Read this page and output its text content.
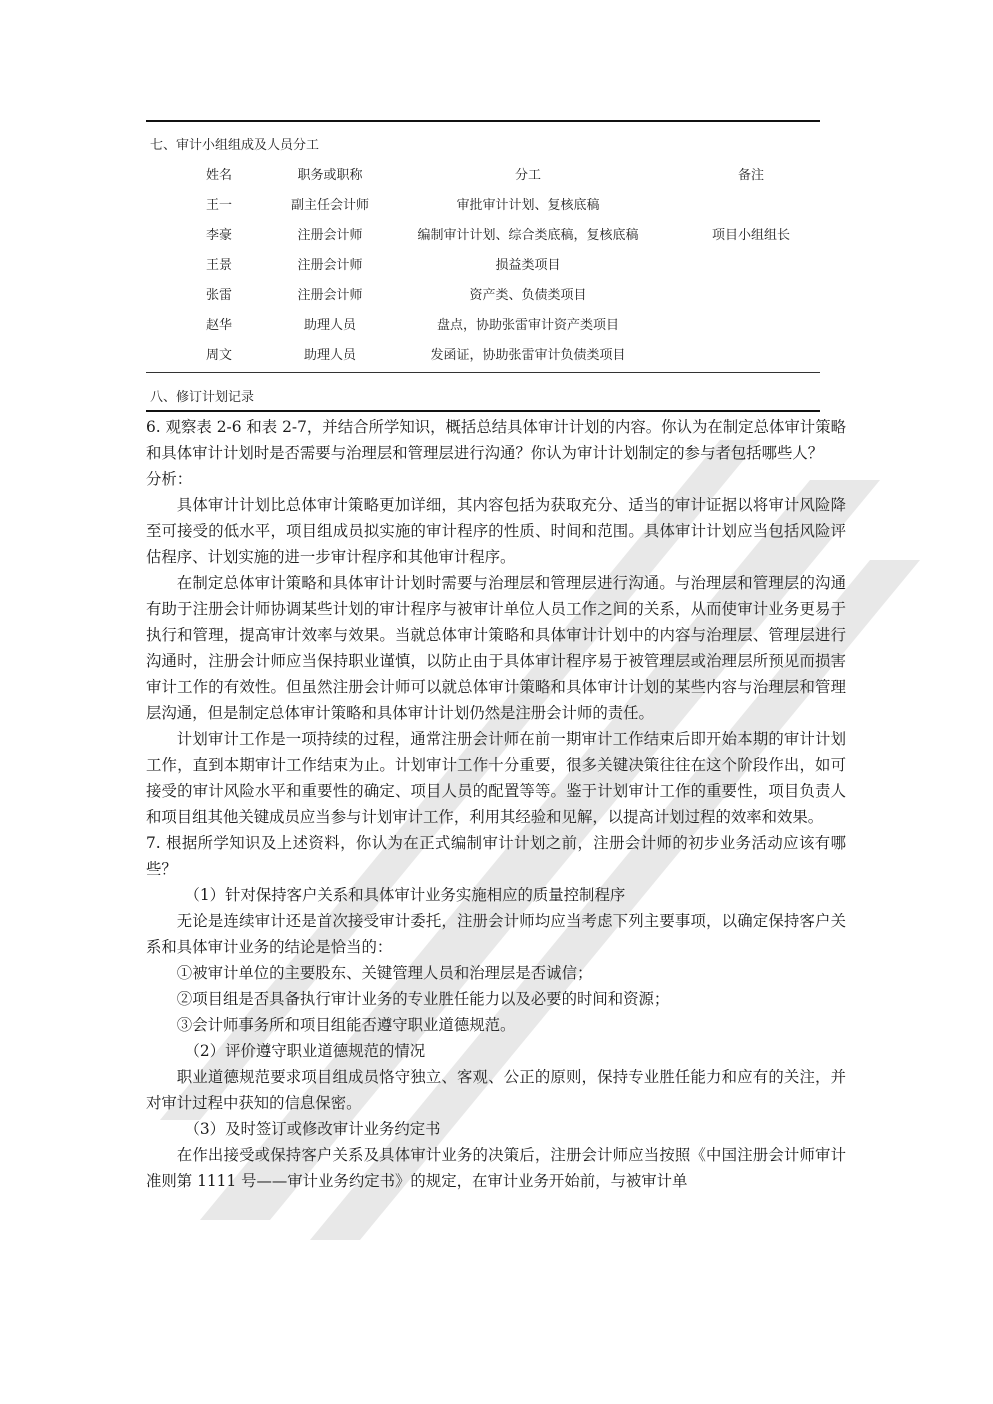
七、审计小组组成及人员分工
姓名	职务或职称	分工	备注
王一	副主任会计师	审批审计计划、复核底稿
李豪	注册会计师	编制审计计划、综合类底稿，复核底稿	项目小组组长
王景	注册会计师	损益类项目
张雷	注册会计师	资产类、负债类项目
赵华	助理人员	盘点，协助张雷审计资产类项目
周文	助理人员	发函证，协助张雷审计负债类项目
八、修订计划记录

6. 观察表 2-6 和表 2-7，并结合所学知识，概括总结具体审计计划的内容。你认为在制定总体审计策略和具体审计计划时是否需要与治理层和管理层进行沟通？你认为审计计划制定的参与者包括哪些人？

分析：

具体审计计划比总体审计策略更加详细，其内容包括为获取充分、适当的审计证据以将审计风险降至可接受的低水平，项目组成员拟实施的审计程序的性质、时间和范围。具体审计计划应当包括风险评估程序、计划实施的进一步审计程序和其他审计程序。

在制定总体审计策略和具体审计计划时需要与治理层和管理层进行沟通。与治理层和管理层的沟通有助于注册会计师协调某些计划的审计程序与被审计单位人员工作之间的关系，从而使审计业务更易于执行和管理，提高审计效率与效果。当就总体审计策略和具体审计计划中的内容与治理层、管理层进行沟通时，注册会计师应当保持职业谨慎，以防止由于具体审计程序易于被管理层或治理层所预见而损害审计工作的有效性。但虽然注册会计师可以就总体审计策略和具体审计计划的某些内容与治理层和管理层沟通，但是制定总体审计策略和具体审计计划仍然是注册会计师的责任。

计划审计工作是一项持续的过程，通常注册会计师在前一期审计工作结束后即开始本期的审计计划工作，直到本期审计工作结束为止。计划审计工作十分重要，很多关键决策往往在这个阶段作出，如可接受的审计风险水平和重要性的确定、项目人员的配置等等。鉴于计划审计工作的重要性，项目负责人和项目组其他关键成员应当参与计划审计工作，利用其经验和见解，以提高计划过程的效率和效果。

7. 根据所学知识及上述资料，你认为在正式编制审计计划之前，注册会计师的初步业务活动应该有哪些？

（1）针对保持客户关系和具体审计业务实施相应的质量控制程序

无论是连续审计还是首次接受审计委托，注册会计师均应当考虑下列主要事项，以确定保持客户关系和具体审计业务的结论是恰当的：

①被审计单位的主要股东、关键管理人员和治理层是否诚信；

②项目组是否具备执行审计业务的专业胜任能力以及必要的时间和资源；

③会计师事务所和项目组能否遵守职业道德规范。

（2）评价遵守职业道德规范的情况

职业道德规范要求项目组成员恪守独立、客观、公正的原则，保持专业胜任能力和应有的关注，并对审计过程中获知的信息保密。

（3）及时签订或修改审计业务约定书

在作出接受或保持客户关系及具体审计业务的决策后，注册会计师应当按照《中国注册会计师审计准则第 1111 号——审计业务约定书》的规定，在审计业务开始前，与被审计单
